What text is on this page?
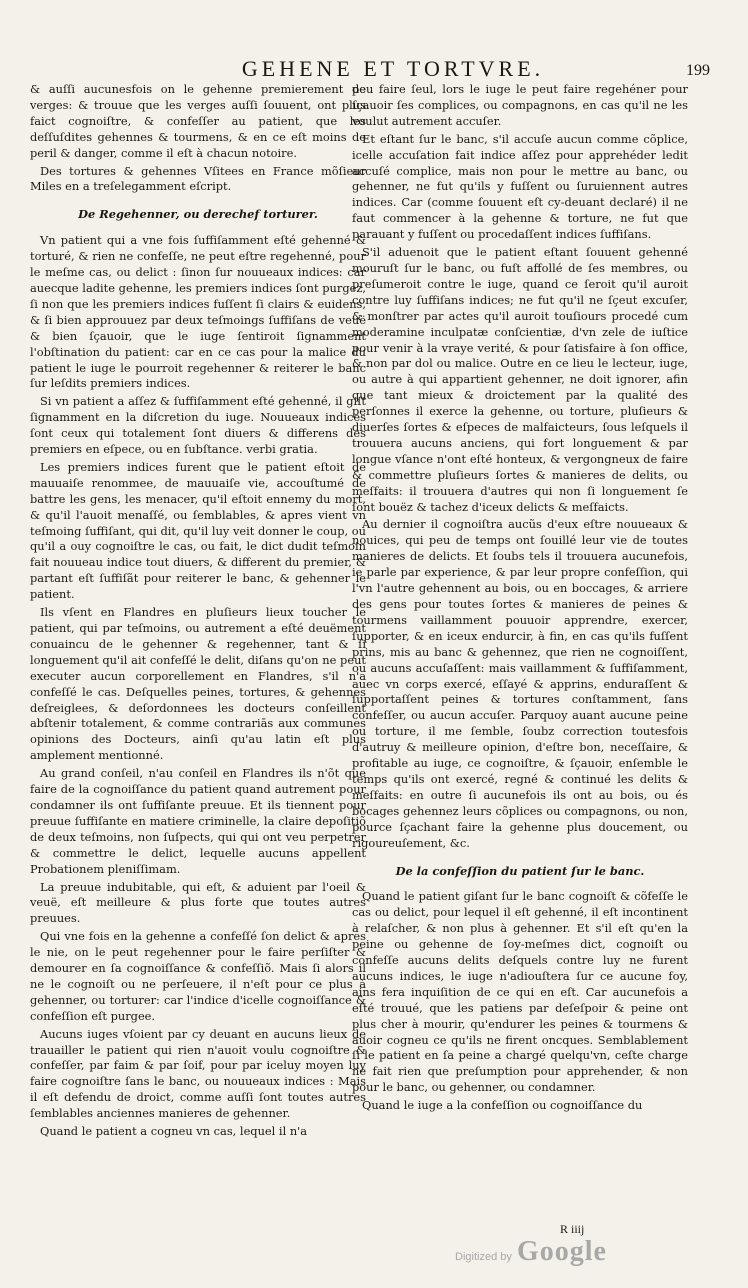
GEHENE ET TORTVRE.	199

& auſſi aucunesfois on le gehenne premierement de verges: & trouue que les verges auſſi ſouuent, ont plus faict cognoiſtre, & confeſſer au patient, que les deſſuſdites gehennes & tourmens, & en ce eſt moins de peril & danger, comme il eſt à chacun notoire.

Des tortures & gehennes Vſitees en France mõſieur Miles en a treſelegamment eſcript.

De Regehenner, ou derechef torturer.

Vn patient qui a vne fois ſuffiſamment eſté gehenné & torturé, & rien ne confeſſe, ne peut eſtre regehenné, pour le meſme cas, ou delict : ſinon ſur nouueaux indices: car auecque ladite gehenne, les premiers indices ſont purgez, ſi non que les premiers indices fuſſent ſi clairs & euidens, & ſi bien approuuez par deux teſmoings ſuffiſans de veuë & bien ſçauoir, que le iuge ſentiroit ſignamment l'obſtination du patient: car en ce cas pour la malice du patient le iuge le pourroit regehenner & reiterer le banc ſur leſdits premiers indices.

Si vn patient a aſſez & ſuffiſamment eſté gehenné, il giſt ſignamment en la diſcretion du iuge. Nouueaux indices ſont ceux qui totalement ſont diuers & differens des premiers en eſpece, ou en ſubſtance. verbi gratia.

Les premiers indices furent que le patient eſtoit de mauuaiſe renommee, de mauuaiſe vie, accouſtumé de battre les gens, les menacer, qu'il eſtoit ennemy du mort, & qu'il l'auoit menaſſé, ou ſemblables, & apres vient vn teſmoing ſuffiſant, qui dit, qu'il luy veit donner le coup, ou qu'il a ouy cognoiſtre le cas, ou fait, le dict dudit teſmoin fait nouueau indice tout diuers, & different du premier, & partant eſt ſuffiſãt pour reiterer le banc, & gehenner le patient.

Ils vſent en Flandres en pluſieurs lieux toucher le patient, qui par teſmoins, ou autrement a eſté deuëment conuaincu de le gehenner & regehenner, tant & ſi longuement qu'il ait confeſſé le delit, diſans qu'on ne peut executer aucun corporellement en Flandres, s'il n'a confeſſé le cas. Deſquelles peines, tortures, & gehennes deſreiglees, & deſordonnees les docteurs conſeillent abſtenir totalement, & comme contrariās aux communes opinions des Docteurs, ainſi qu'au latin eſt plus amplement mentionné.

Au grand conſeil, n'au conſeil en Flandres ils n'õt que faire de la cognoiſſance du patient quand autrement pour condamner ils ont ſuffiſante preuue. Et ils tiennent pour preuue ſuffiſante en matiere criminelle, la claire depoſitiõ de deux teſmoins, non ſuſpects, qui qui ont veu perpetrer & commettre le delict, lequelle aucuns appellent Probationem pleniſſimam.

La preuue indubitable, qui eſt, & aduient par l'oeil & veuë, eſt meilleure & plus forte que toutes autres preuues.

Qui vne fois en la gehenne a confeſſé ſon delict & apres le nie, on le peut regehenner pour le faire perſiſter & demourer en ſa cognoiſſance & confeſſiõ. Mais ſi alors il ne le cognoiſt ou ne perſeuere, il n'eſt pour ce plus à gehenner, ou torturer: car l'indice d'icelle cognoiſſance & confeſſion eſt purgee.

Aucuns iuges vſoient par cy deuant en aucuns lieux de trauailler le patient qui rien n'auoit voulu cognoiſtre & confeſſer, par faim & par ſoif, pour par iceluy moyen luy faire cognoiſtre ſans le banc, ou nouueaux indices : Mais il eſt defendu de droict, comme auſſi ſont toutes autres ſemblables anciennes manieres de gehenner.

Quand le patient a cogneu vn cas, lequel il n'a

peu faire ſeul, lors le iuge le peut faire regehéner pour ſçauoir ſes complices, ou compagnons, en cas qu'il ne les voulut autrement accuſer.

Et eſtant ſur le banc, s'il accuſe aucun comme cõplice, icelle accuſation fait indice aſſez pour apprehéder ledit accuſé complice, mais non pour le mettre au banc, ou gehenner, ne fut qu'ils y fuſſent ou ſuruiennent autres indices. Car (comme ſouuent eſt cy-deuant declaré) il ne faut commencer à la gehenne & torture, ne fut que parauant y fuſſent ou procedaſſent indices ſuffiſans.

S'il aduenoit que le patient eſtant ſouuent gehenné mouruſt ſur le banc, ou fuſt affollé de ſes membres, ou preſumeroit contre le iuge, quand ce ſeroit qu'il auroit contre luy ſuffiſans indices; ne fut qu'il ne ſçeut excuſer, & monſtrer par actes qu'il auroit touſiours procedé cum moderamine inculpatæ conſcientiæ, d'vn zele de iuſtice pour venir à la vraye verité, & pour ſatisfaire à ſon office, & non par dol ou malice. Outre en ce lieu le lecteur, iuge, ou autre à qui appartient gehenner, ne doit ignorer, afin que tant mieux & droictement par la qualité des perſonnes il exerce la gehenne, ou torture, pluſieurs & diuerſes ſortes & eſpeces de malfaicteurs, ſous leſquels il trouuera aucuns anciens, qui fort longuement & par longue vſance n'ont eſté honteux, & vergongneux de faire & commettre pluſieurs ſortes & manieres de delits, ou meſfaits: il trouuera d'autres qui non ſi longuement ſe ſont bouëz & tachez d'iceux delicts & meſfaicts.

Au dernier il cognoiſtra aucũs d'eux eſtre nouueaux & nouices, qui peu de temps ont ſouillé leur vie de toutes manieres de delicts. Et ſoubs tels il trouuera aucunefois, ie parle par experience, & par leur propre confeſſion, qui l'vn l'autre gehennent au bois, ou en boccages, & arriere des gens pour toutes ſortes & manieres de peines & tourmens vaillamment pouuoir apprendre, exercer, ſupporter, & en iceux endurcir, à fin, en cas qu'ils fuſſent prins, mis au banc & gehennez, que rien ne cognoiſſent, ou aucuns accuſaſſent: mais vaillamment & ſuffiſamment, auec vn corps exercé, eſſayé & apprins, enduraſſent & ſupportaſſent peines & tortures conſtamment, ſans confeſſer, ou aucun accuſer. Parquoy auant aucune peine ou torture, il me ſemble, ſoubz correction toutesfois d'autruy & meilleure opinion, d'eſtre bon, neceſſaire, & profitable au iuge, ce cognoiſtre, & ſçauoir, enſemble le temps qu'ils ont exercé, regné & continué les delits & meſfaits: en outre ſi aucunefois ils ont au bois, ou és bocages gehennez leurs cõplices ou compagnons, ou non, pource ſçachant faire la gehenne plus doucement, ou rigoureuſement, &c.

De la confeſſion du patient ſur le banc.

Quand le patient giſant ſur le banc cognoiſt & cõfeſſe le cas ou delict, pour lequel il eſt gehenné, il eſt incontinent à relaſcher, & non plus à gehenner. Et s'il eſt qu'en la peine ou gehenne de ſoy-meſmes dict, cognoiſt ou confeſſe aucuns delits deſquels contre luy ne furent aucuns indices, le iuge n'adiouſtera ſur ce aucune foy, ains fera inquiſition de ce qui en eſt. Car aucunefois a eſté trouué, que les patiens par deſeſpoir & peine ont plus cher à mourir, qu'endurer les peines & tourmens & auoir cogneu ce qu'ils ne firent oncques. Semblablement ſi le patient en ſa peine a chargé quelqu'vn, ceſte charge ne fait rien que preſumption pour apprehender, & non pour le banc, ou gehenner, ou condamner.

Quand le iuge a la confeſſion ou cognoiſſance du

R iiij
Digitized by Google
